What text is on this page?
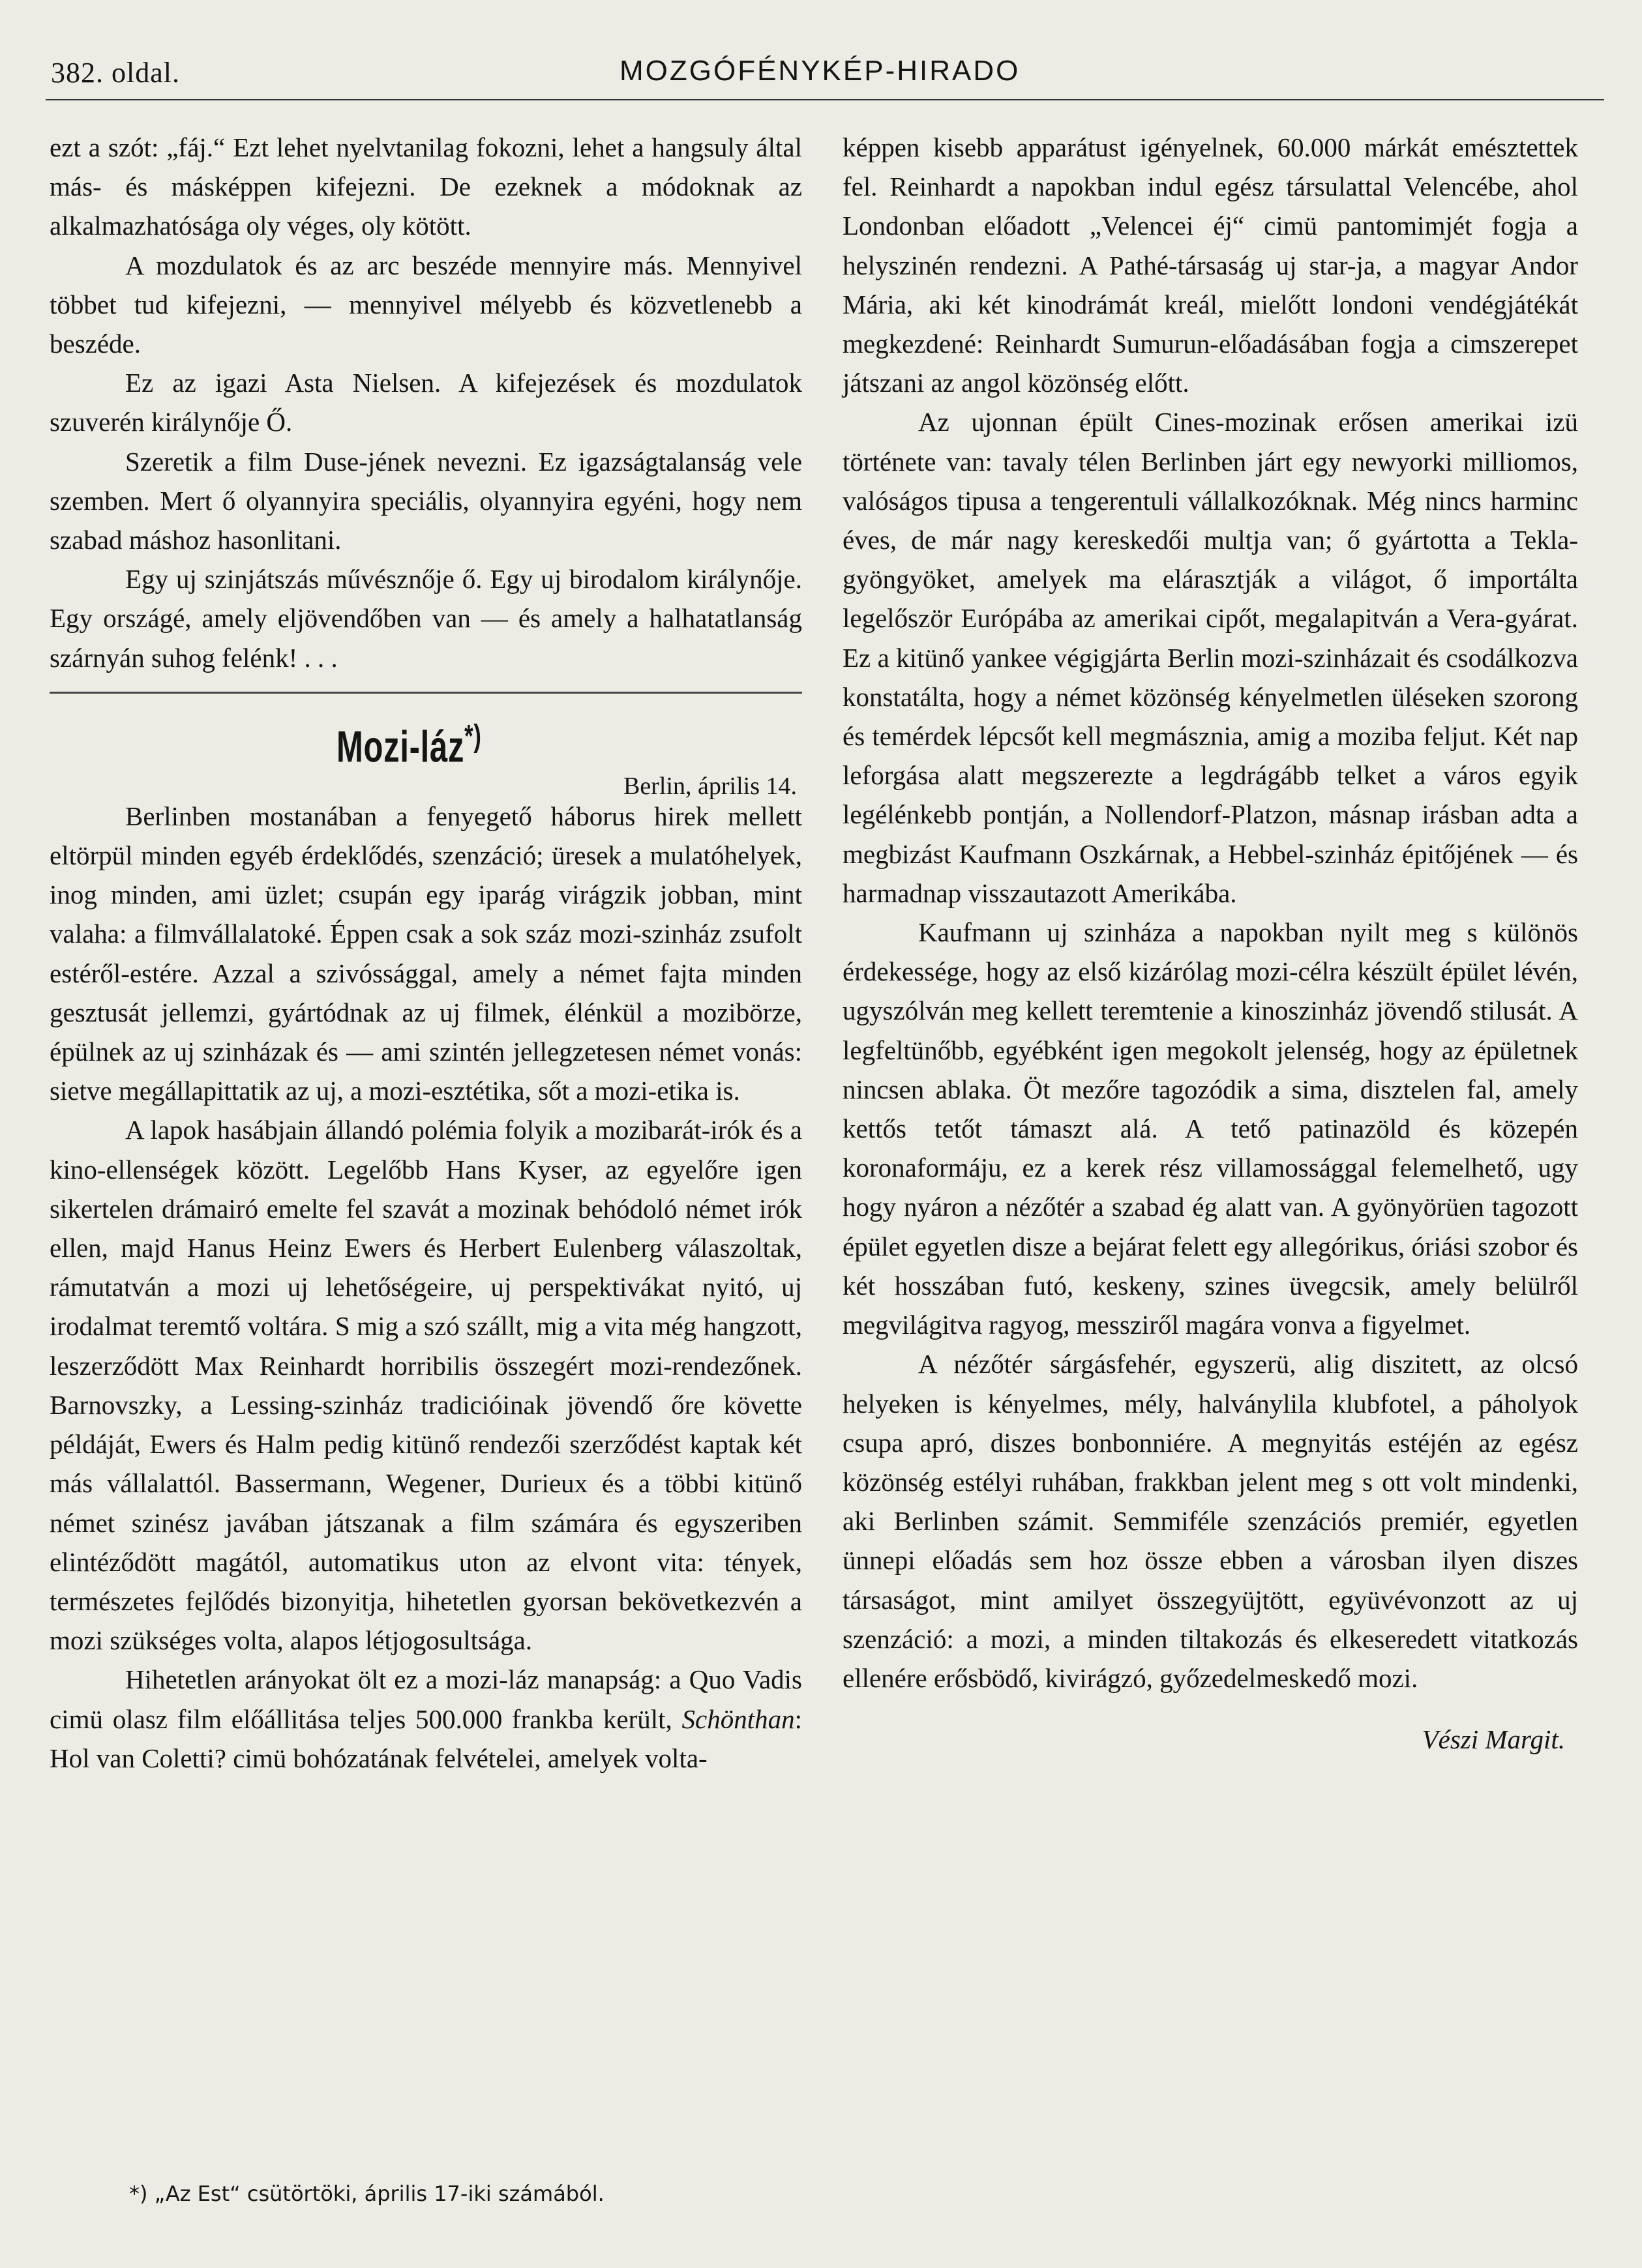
382. oldal.	MOZGÓFÉNYKÉP-HIRADO

ezt a szót: „fáj.“ Ezt lehet nyelvtanilag fokozni, lehet a hangsuly által más- és másképpen kifejezni. De ezeknek a módoknak az alkalmazhatósága oly véges, oly kötött.

A mozdulatok és az arc beszéde mennyire más. Mennyivel többet tud kifejezni, — mennyivel mélyebb és közvetlenebb a beszéde.

Ez az igazi Asta Nielsen. A kifejezések és mozdulatok szuverén királynője Ő.

Szeretik a film Duse-jének nevezni. Ez igazságtalanság vele szemben. Mert ő olyannyira speciális, olyannyira egyéni, hogy nem szabad máshoz hasonlitani.

Egy uj szinjátszás művésznője ő. Egy uj birodalom királynője. Egy országé, amely eljövendőben van — és amely a halhatatlanság szárnyán suhog felénk! . . .

Mozi-láz*)
Berlin, április 14.

Berlinben mostanában a fenyegető háborus hirek mellett eltörpül minden egyéb érdeklődés, szenzáció; üresek a mulatóhelyek, inog minden, ami üzlet; csupán egy iparág virágzik jobban, mint valaha: a filmvállalatoké. Éppen csak a sok száz mozi-szinház zsufolt estéről-estére. Azzal a szivóssággal, amely a német fajta minden gesztusát jellemzi, gyártódnak az uj filmek, élénkül a mozibörze, épülnek az uj szinházak és — ami szintén jellegzetesen német vonás: sietve megállapittatik az uj, a mozi-esztétika, sőt a mozi-etika is.

A lapok hasábjain állandó polémia folyik a mozibarát-irók és a kino-ellenségek között. Legelőbb Hans Kyser, az egyelőre igen sikertelen drámairó emelte fel szavát a mozinak behódoló német irók ellen, majd Hanus Heinz Ewers és Herbert Eulenberg válaszoltak, rámutatván a mozi uj lehetőségeire, uj perspektivákat nyitó, uj irodalmat teremtő voltára. S mig a szó szállt, mig a vita még hangzott, leszerződött Max Reinhardt horribilis összegért mozi-rendezőnek. Barnovszky, a Lessing-szinház tradicióinak jövendő őre követte példáját, Ewers és Halm pedig kitünő rendezői szerződést kaptak két más vállalattól. Bassermann, Wegener, Durieux és a többi kitünő német szinész javában játszanak a film számára és egyszeriben elintéződött magától, automatikus uton az elvont vita: tények, természetes fejlődés bizonyitja, hihetetlen gyorsan bekövetkezvén a mozi szükséges volta, alapos létjogosultsága.

Hihetetlen arányokat ölt ez a mozi-láz manapság: a Quo Vadis cimü olasz film előállitása teljes 500.000 frankba került, Schönthan: Hol van Coletti? cimü bohózatának felvételei, amelyek volta-

képpen kisebb apparátust igényelnek, 60.000 márkát emésztettek fel. Reinhardt a napokban indul egész társulattal Velencébe, ahol Londonban előadott „Velencei éj“ cimü pantomimjét fogja a helyszinén rendezni. A Pathé-társaság uj star-ja, a magyar Andor Mária, aki két kinodrámát kreál, mielőtt londoni vendégjátékát megkezdené: Reinhardt Sumurun-előadásában fogja a cimszerepet játszani az angol közönség előtt.

Az ujonnan épült Cines-mozinak erősen amerikai izü története van: tavaly télen Berlinben járt egy newyorki milliomos, valóságos tipusa a tengerentuli vállalkozóknak. Még nincs harminc éves, de már nagy kereskedői multja van; ő gyártotta a Tekla-gyöngyöket, amelyek ma elárasztják a világot, ő importálta legelőször Európába az amerikai cipőt, megalapitván a Vera-gyárat. Ez a kitünő yankee végigjárta Berlin mozi-szinházait és csodálkozva konstatálta, hogy a német közönség kényelmetlen üléseken szorong és temérdek lépcsőt kell megmásznia, amig a moziba feljut. Két nap leforgása alatt megszerezte a legdrágább telket a város egyik legélénkebb pontján, a Nollendorf-Platzon, másnap irásban adta a megbizást Kaufmann Oszkárnak, a Hebbel-szinház épitőjének — és harmadnap visszautazott Amerikába.

Kaufmann uj szinháza a napokban nyilt meg s különös érdekessége, hogy az első kizárólag mozi-célra készült épület lévén, ugyszólván meg kellett teremtenie a kinoszinház jövendő stilusát. A legfeltünőbb, egyébként igen megokolt jelenség, hogy az épületnek nincsen ablaka. Öt mezőre tagozódik a sima, disztelen fal, amely kettős tetőt támaszt alá. A tető patinazöld és közepén koronaformáju, ez a kerek rész villamossággal felemelhető, ugy hogy nyáron a nézőtér a szabad ég alatt van. A gyönyörüen tagozott épület egyetlen disze a bejárat felett egy allegórikus, óriási szobor és két hosszában futó, keskeny, szines üvegcsik, amely belülről megvilágitva ragyog, messziről magára vonva a figyelmet.

A nézőtér sárgásfehér, egyszerü, alig diszitett, az olcsó helyeken is kényelmes, mély, halványlila klubfotel, a páholyok csupa apró, diszes bonbonniére. A megnyitás estéjén az egész közönség estélyi ruhában, frakkban jelent meg s ott volt mindenki, aki Berlinben számit. Semmiféle szenzációs premiér, egyetlen ünnepi előadás sem hoz össze ebben a városban ilyen diszes társaságot, mint amilyet összegyüjtött, együvévonzott az uj szenzáció: a mozi, a minden tiltakozás és elkeseredett vitatkozás ellenére erősbödő, kivirágzó, győzedelmeskedő mozi.

Vészi Margit.
*) „Az Est“ csütörtöki, április 17-iki számából.
